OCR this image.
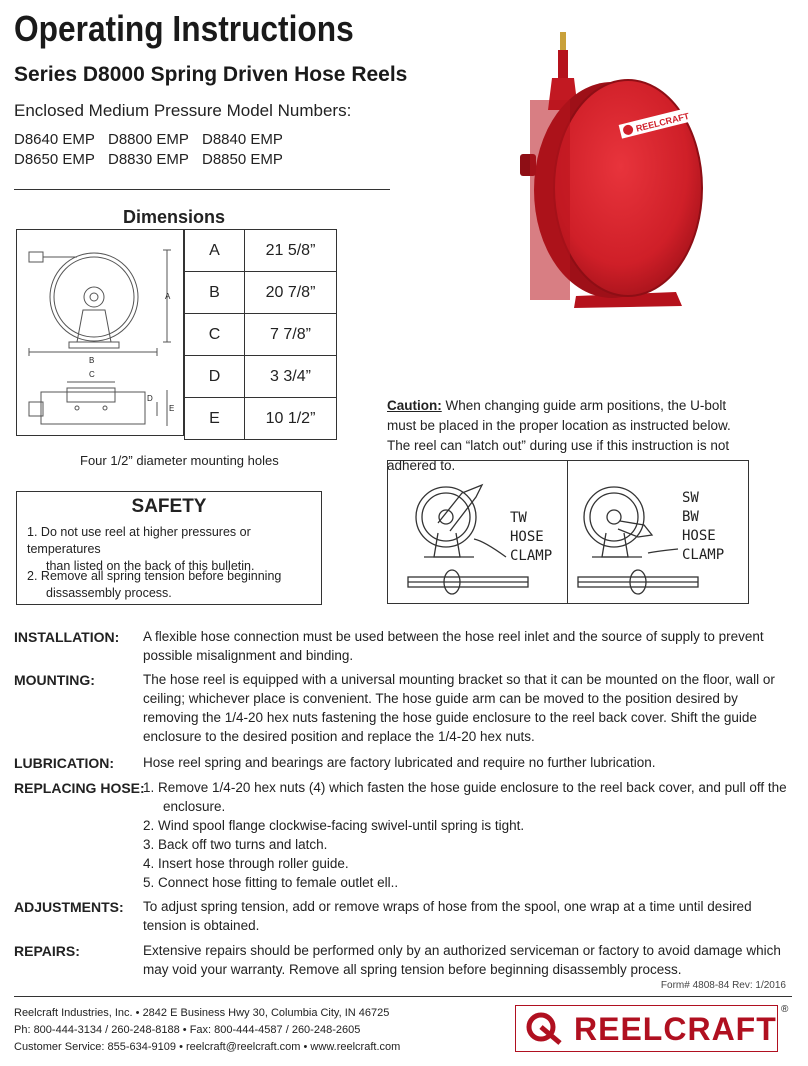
Operating Instructions
Series D8000 Spring Driven Hose Reels
Enclosed Medium Pressure Model Numbers:
D8640 EMP D8800 EMP D8840 EMP
D8650 EMP D8830 EMP D8850 EMP
Dimensions
A
B
C
D
E
A	21 5/8”
B	20 7/8”
C	7 7/8”
D	3 3/4”
E	10 1/2”
Four 1/2” diameter mounting holes
SAFETY
1. Do not use reel at higher pressures or temperatures
than listed on the back of this bulletin.
2. Remove all spring tension before beginning
dissassembly process.
REELCRAFT
Caution: When changing guide arm positions, the U-bolt must be placed in the proper location as instructed below. The reel can “latch out” during use if this instruction is not adhered to.
TW
HOSE
CLAMP
SW
BW
HOSE
CLAMP
INSTALLATION: A flexible hose connection must be used between the hose reel inlet and the source of supply to prevent possible misalignment and binding.
MOUNTING:	The hose reel is equipped with a universal mounting bracket so that it can be mounted on the floor, wall or ceiling; whichever place is convenient. The hose guide arm can be moved to the position desired by removing the 1/4-20 hex nuts fastening the hose guide enclosure to the reel back cover. Shift the guide enclosure to the desired position and replace the 1/4-20 hex nuts.
LUBRICATION: Hose reel spring and bearings are factory lubricated and require no further lubrication.
REPLACING HOSE:
1. Remove 1/4-20 hex nuts (4) which fasten the hose guide enclosure to the reel back cover, and pull off the
enclosure.
2. Wind spool flange clockwise-facing swivel-until spring is tight.
3. Back off two turns and latch.
4. Insert hose through roller guide.
5. Connect hose fitting to female outlet ell..
ADJUSTMENTS: To adjust spring tension, add or remove wraps of hose from the spool, one wrap at a time until desired tension is obtained.
REPAIRS:	Extensive repairs should be performed only by an authorized serviceman or factory to avoid damage which may void your warranty. Remove all spring tension before beginning disassembly process.
Form# 4808-84 Rev: 1/2016
Reelcraft Industries, Inc. • 2842 E Business Hwy 30, Columbia City, IN 46725
Ph: 800-444-3134 / 260-248-8188 • Fax: 800-444-4587 / 260-248-2605
Customer Service: 855-634-9109 • reelcraft@reelcraft.com • www.reelcraft.com	REELCRAFT
®
